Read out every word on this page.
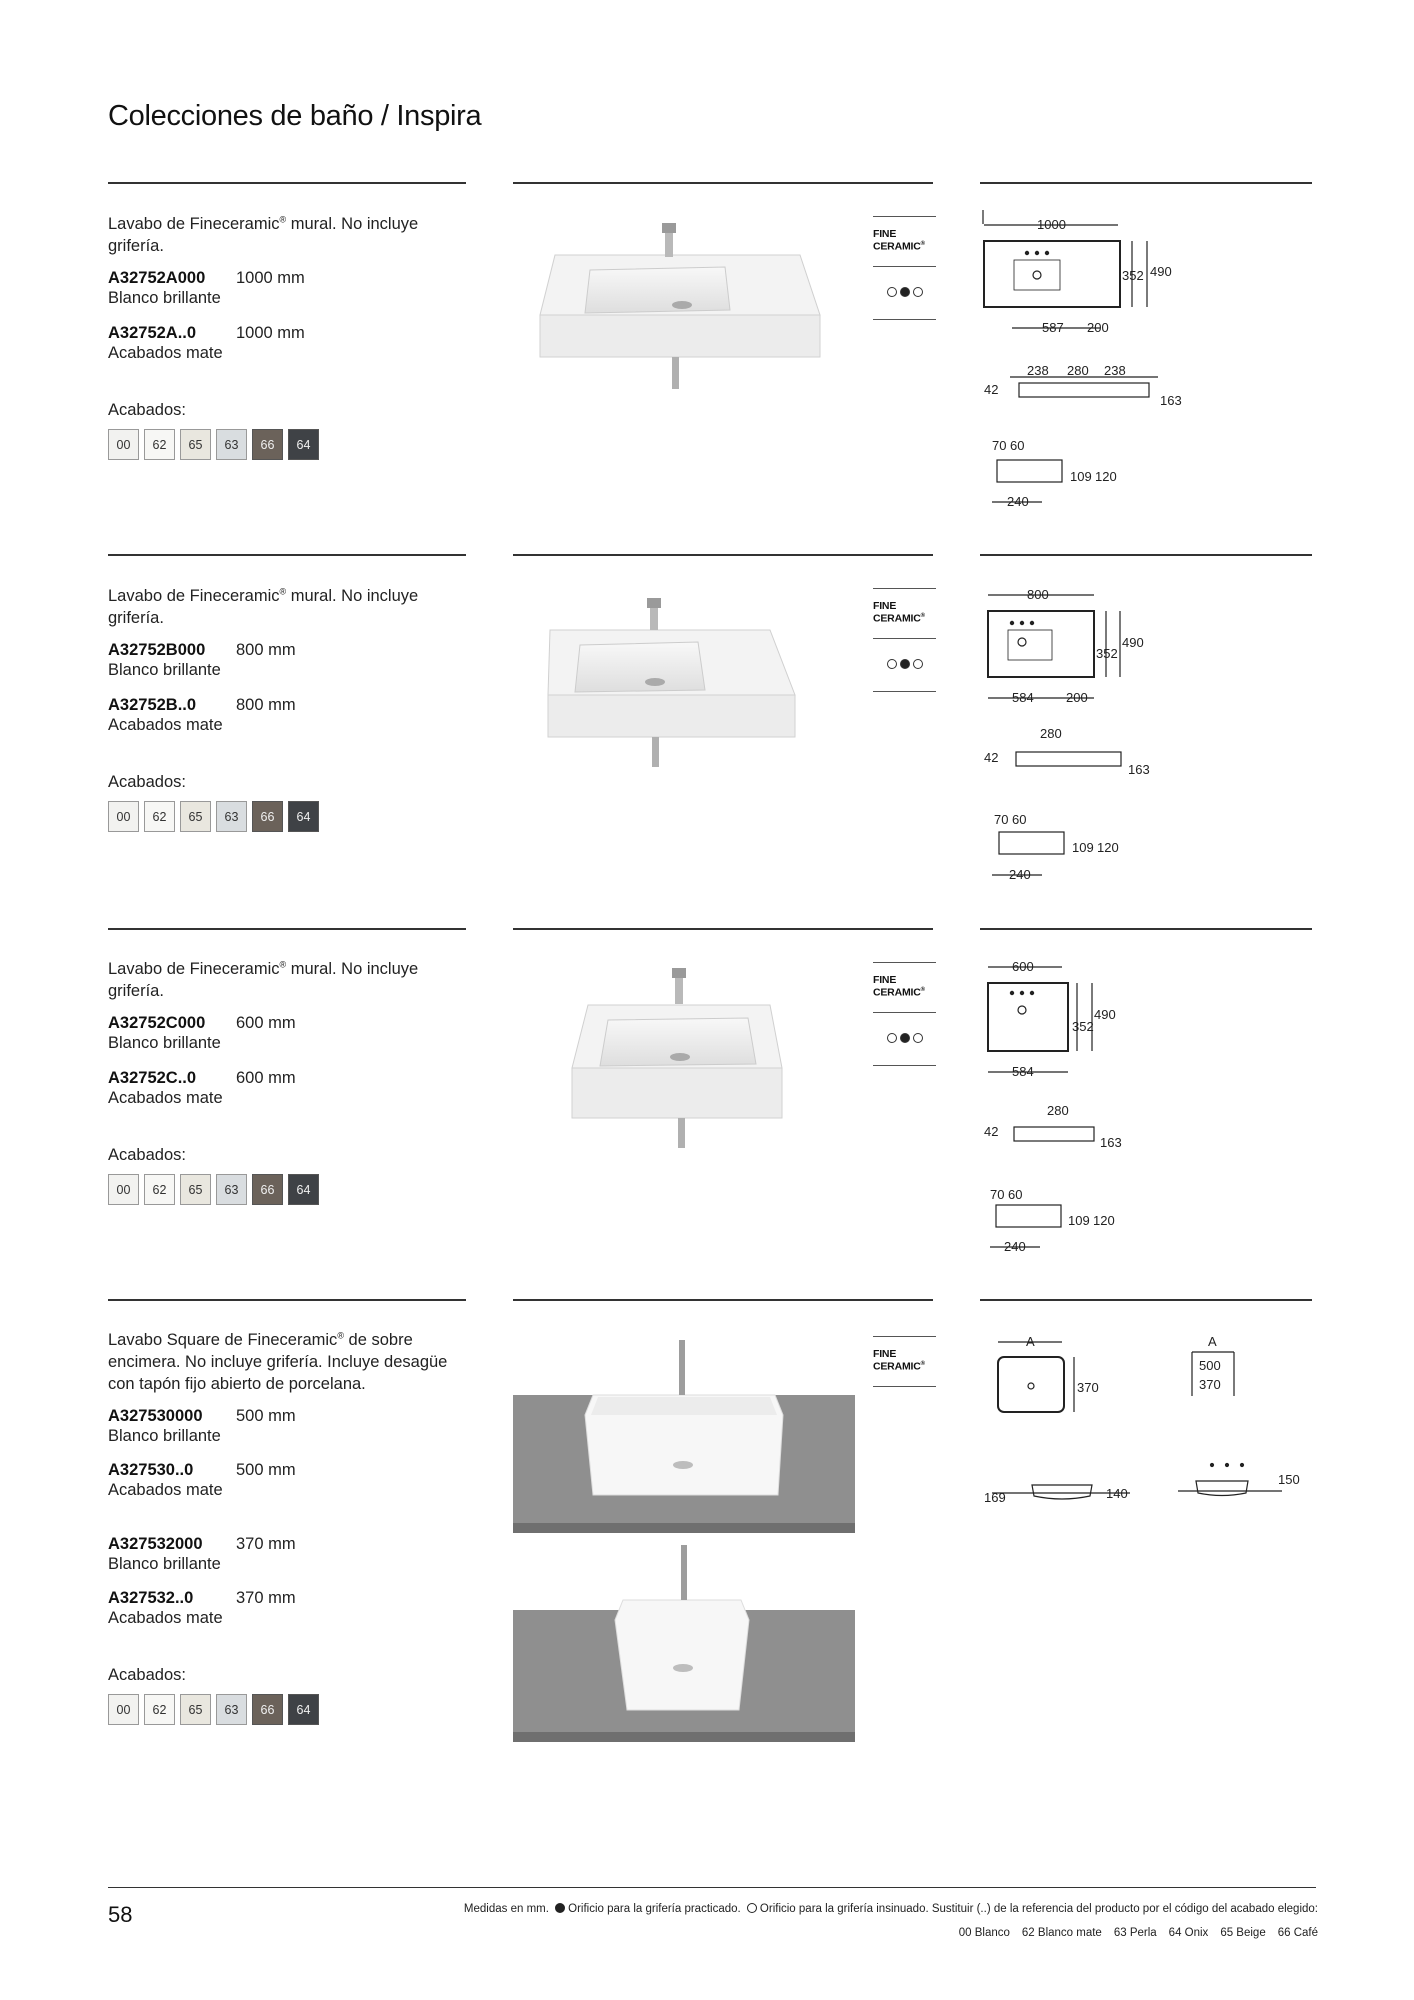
Colecciones de baño / Inspira
Lavabo de Fineceramic® mural. No incluye grifería.
A32752A000 1000 mm
Blanco brillante
A32752A..0 1000 mm
Acabados mate
Acabados:
00	62	65	63	66	64
FINE
CERAMIC®
1000
352 490
587 200
42
163
238 280 238
70 60
109 120
240
Lavabo de Fineceramic® mural. No incluye grifería.
A32752B000 800 mm
Blanco brillante
A32752B..0 800 mm
Acabados mate
Acabados:
00	62	65	63	66	64
FINE
CERAMIC®
800
352
490
584 200
280
42
163
70 60
109 120
240
Lavabo de Fineceramic® mural. No incluye grifería.
A32752C000 600 mm
Blanco brillante
A32752C..0 600 mm
Acabados mate
Acabados:
00	62	65	63	66	64
FINE
CERAMIC®
600
352
490
584
280
42
163
70 60
109 120
240
Lavabo Square de Fineceramic® de sobre encimera. No incluye grifería. Incluye desagüe con tapón fijo abierto de porcelana.
A327530000 500 mm
Blanco brillante
A327530..0	500 mm
Acabados mate
A327532000 370 mm
Blanco brillante
A327532..0	370 mm
Acabados mate
Acabados:
00	62	65	63	66	64
FINE
CERAMIC®
A
370
A
500
370
169	140
150
58	Medidas en mm. Orificio para la grifería practicado. Orificio para la grifería insinuado. Sustituir (..) de la referencia del producto por el código del acabado elegido:
00 Blanco 62 Blanco mate 63 Perla 64 Onix 65 Beige 66 Café
